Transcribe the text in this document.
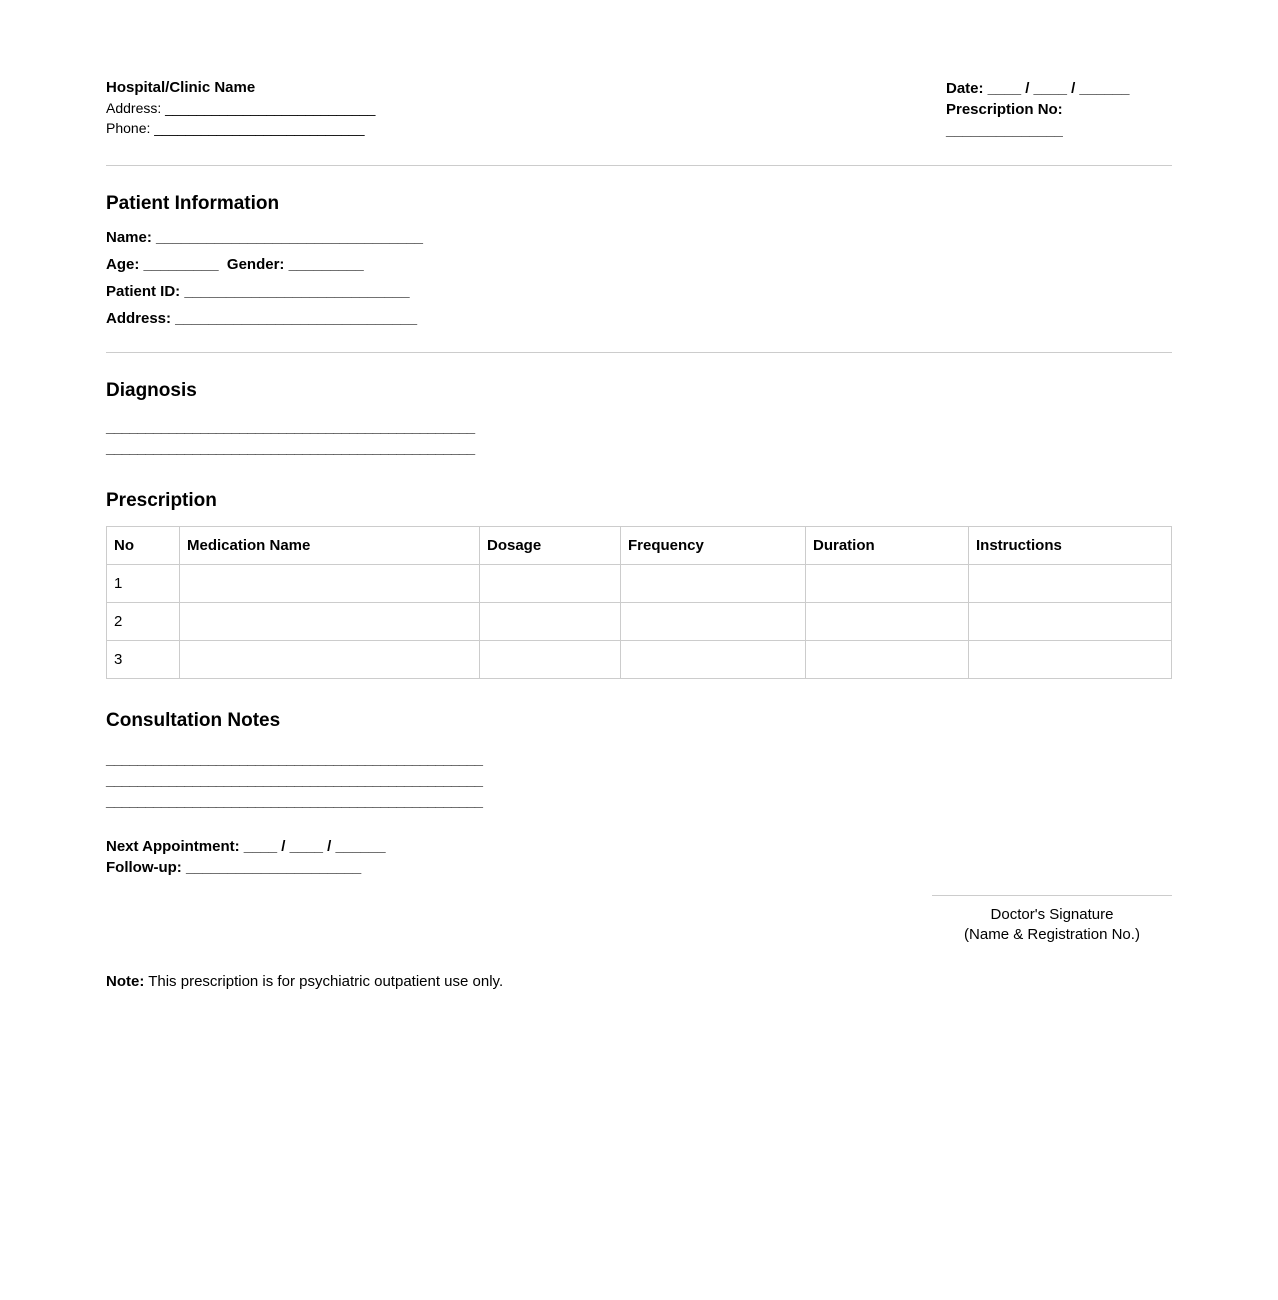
Hospital/Clinic Name
Address: ___________________________
Phone: ___________________________
Date: ____ / ____ / ______
Prescription No: ______________
Patient Information
Name: ________________________________
Age: _________  Gender: _________
Patient ID: ___________________________
Address: _____________________________
Diagnosis
_______________________________________________
_______________________________________________
Prescription
No	Medication Name	Dosage	Frequency	Duration	Instructions
1					
2					
3					
Consultation Notes
________________________________________________
________________________________________________
________________________________________________
Next Appointment: ____ / ____ / ______
Follow-up: _____________________
Doctor's Signature
(Name & Registration No.)
Note: This prescription is for psychiatric outpatient use only.
